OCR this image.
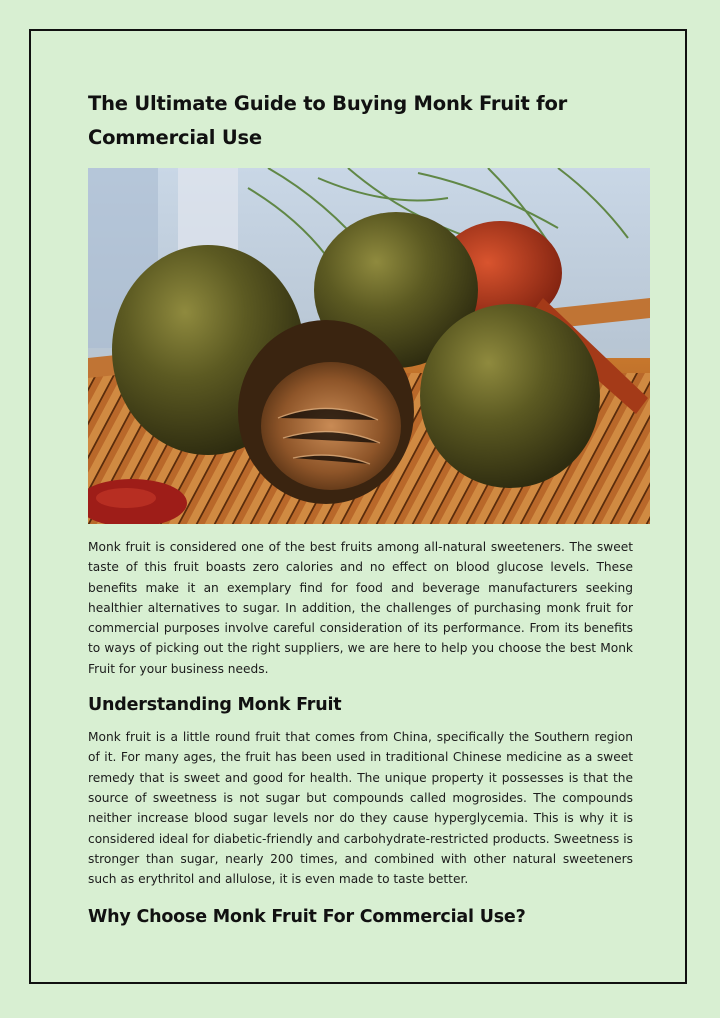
The Ultimate Guide to Buying Monk Fruit for Commercial Use

Monk fruit is considered one of the best fruits among all-natural sweeteners. The sweet taste of this fruit boasts zero calories and no effect on blood glucose levels. These benefits make it an exemplary find for food and beverage manufacturers seeking healthier alternatives to sugar. In addition, the challenges of purchasing monk fruit for commercial purposes involve careful consideration of its performance. From its benefits to ways of picking out the right suppliers, we are here to help you choose the best Monk Fruit for your business needs.

Understanding Monk Fruit

Monk fruit is a little round fruit that comes from China, specifically the Southern region of it. For many ages, the fruit has been used in traditional Chinese medicine as a sweet remedy that is sweet and good for health. The unique property it possesses is that the source of sweetness is not sugar but compounds called mogrosides. The compounds neither increase blood sugar levels nor do they cause hyperglycemia. This is why it is considered ideal for diabetic-friendly and carbohydrate-restricted products. Sweetness is stronger than sugar, nearly 200 times, and combined with other natural sweeteners such as erythritol and allulose, it is even made to taste better.

Why Choose Monk Fruit For Commercial Use?
